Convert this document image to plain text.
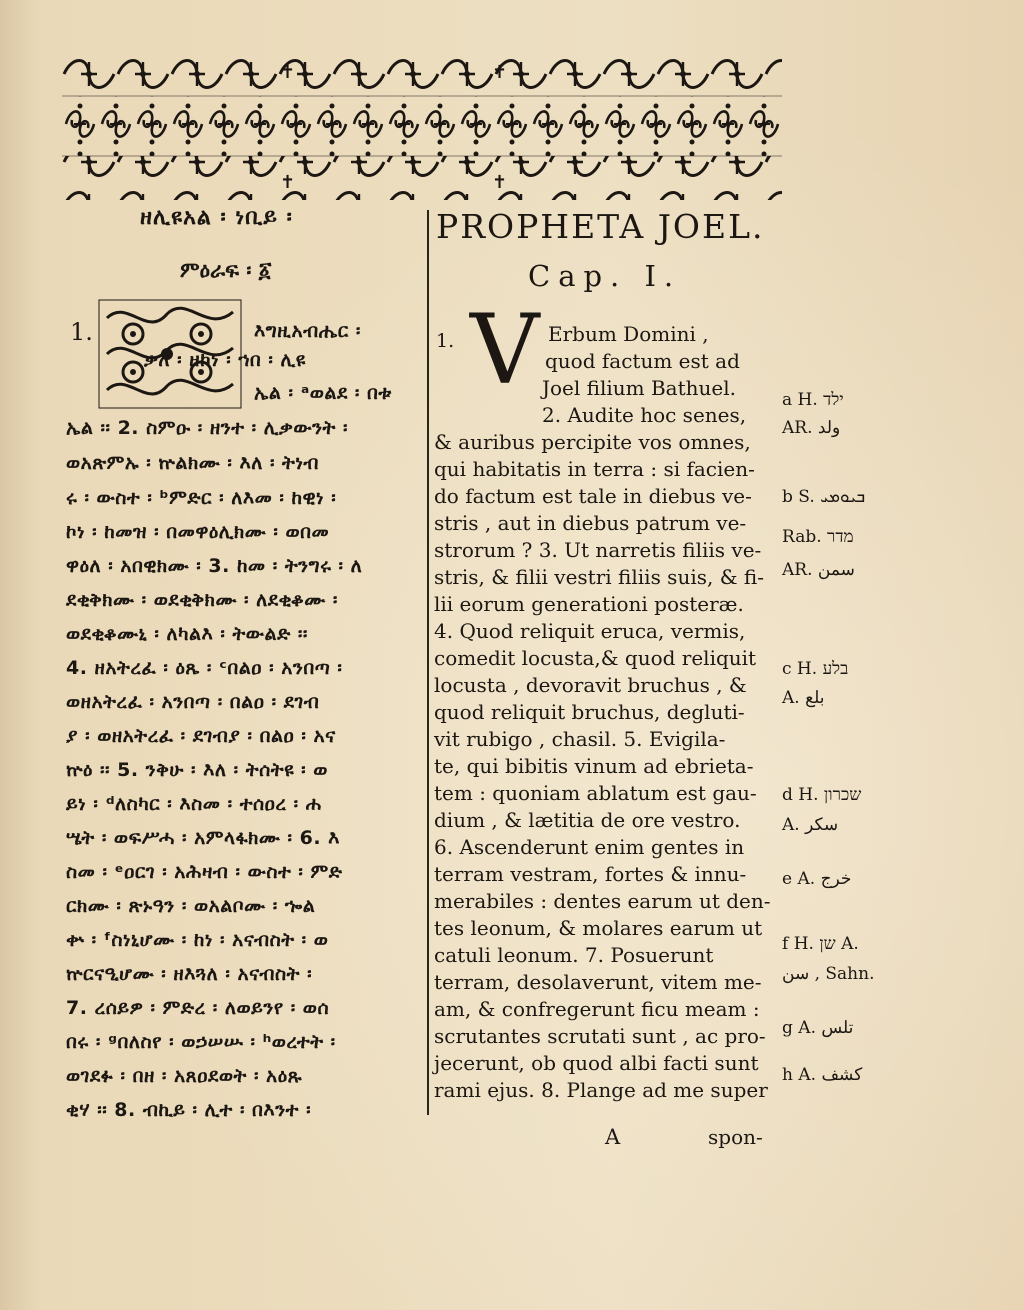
✝	✝
✝	✝
ዘሊዩአል ፡ ነቢይ ፡
ምዕራፍ ፡ ፩
PROPHETA JOEL.
Cap. I.
1.	እግዚአብሔር ፡
ቃለ ፡ ዘኮነ ፡ ኀበ ፡ ሊዩ
ኤል ፡ ᵃወልደ ፡ በቱ
ኤል ፡፡ 2. ስምዑ ፡ ዘንተ ፡ ሊቃውንት ፡
ወአጽምኡ ፡ ኵልክሙ ፡ እለ ፡ ትነብ
ሩ ፡ ውስተ ፡ ᵇምድር ፡ ለእመ ፡ ከዊነ ፡
ኮነ ፡ ከመዝ ፡ በመዋዕሊክሙ ፡ ወበመ
ዋዕለ ፡ አበዊክሙ ፡ 3. ከመ ፡ ትንግሩ ፡ ለ
ደቂቅክሙ ፡ ወደቂቅክሙ ፡ ለደቂቆሙ ፡
ወደቂቆሙኒ ፡ ለካልእ ፡ ትውልድ ፡፡
4. ዘአትረፈ ፡ ዕጼ ፡ ᶜበልዐ ፡ አንበጣ ፡
ወዘአትረፈ ፡ አንበጣ ፡ በልዐ ፡ ደገብ
ያ ፡ ወዘአትረፈ ፡ ደገብያ ፡ በልዐ ፡ አና
ኵዕ ፡፡ 5. ንቅሁ ፡ እለ ፡ ትሰትዩ ፡ ወ
ይነ ፡ ᵈለስካር ፡ እስመ ፡ ተሰዐረ ፡ ሐ
ሤት ፡ ወፍሥሓ ፡ አምላፋክሙ ፡ 6. እ
ስመ ፡ ᵉዐርገ ፡ አሕዛብ ፡ ውስተ ፡ ምድ
ርክሙ ፡ ጽኑዓን ፡ ወአልቦሙ ፡ ኈል
ቍ ፡ ᶠስነኒሆሙ ፡ ከነ ፡ አናብስት ፡ ወ
ኵርናዒሆሙ ፡ ዘእጓለ ፡ አናብስት ፡
7. ረሰይዎ ፡ ምድረ ፡ ለወይንየ ፡ ወሰ
በሩ ፡ ᵍበለስየ ፡ ወኃሠሡ ፡ ʰወረተት ፡
ወገደፉ ፡ በዘ ፡ አጸዐደወት ፡ አዕጹ
ቂሃ ፡፡ 8. ብኪይ ፡ ሊተ ፡ በእንተ ፡
1. V Erbum Domini ,
quod factum est ad
Joel filium Bathuel.
2. Audite hoc senes,
& auribus percipite vos omnes,
qui habitatis in terra : si facien-
do factum est tale in diebus ve-
stris , aut in diebus patrum ve-
strorum ? 3. Ut narretis filiis ve-
stris, & filii vestri filiis suis, & fi-
lii eorum generationi posteræ.
4. Quod reliquit eruca, vermis,
comedit locusta,& quod reliquit
locusta , devoravit bruchus , &
quod reliquit bruchus, degluti-
vit rubigo , chasil. 5. Evigila-
te, qui bibitis vinum ad ebrieta-
tem : quoniam ablatum est gau-
dium , & lætitia de ore vestro.
6. Ascenderunt enim gentes in
terram vestram, fortes & innu-
merabiles : dentes earum ut den-
tes leonum, & molares earum ut
catuli leonum. 7. Posuerunt
terram, desolaverunt, vitem me-
am, & confregerunt ficu meam :
scrutantes scrutati sunt , ac pro-
jecerunt, ob quod albi facti sunt
rami ejus. 8. Plange ad me super
a H. ילד
AR. ولد
b S. ܒܝܘܡܝ
Rab. מדר
AR. سمن
c H. בלע
A. بلع
d H. שכרון
A. سكر
e A. خرج
f H. שן A.
سن , Sahn.
g A. تلس
h A. كشف
A	spon-
